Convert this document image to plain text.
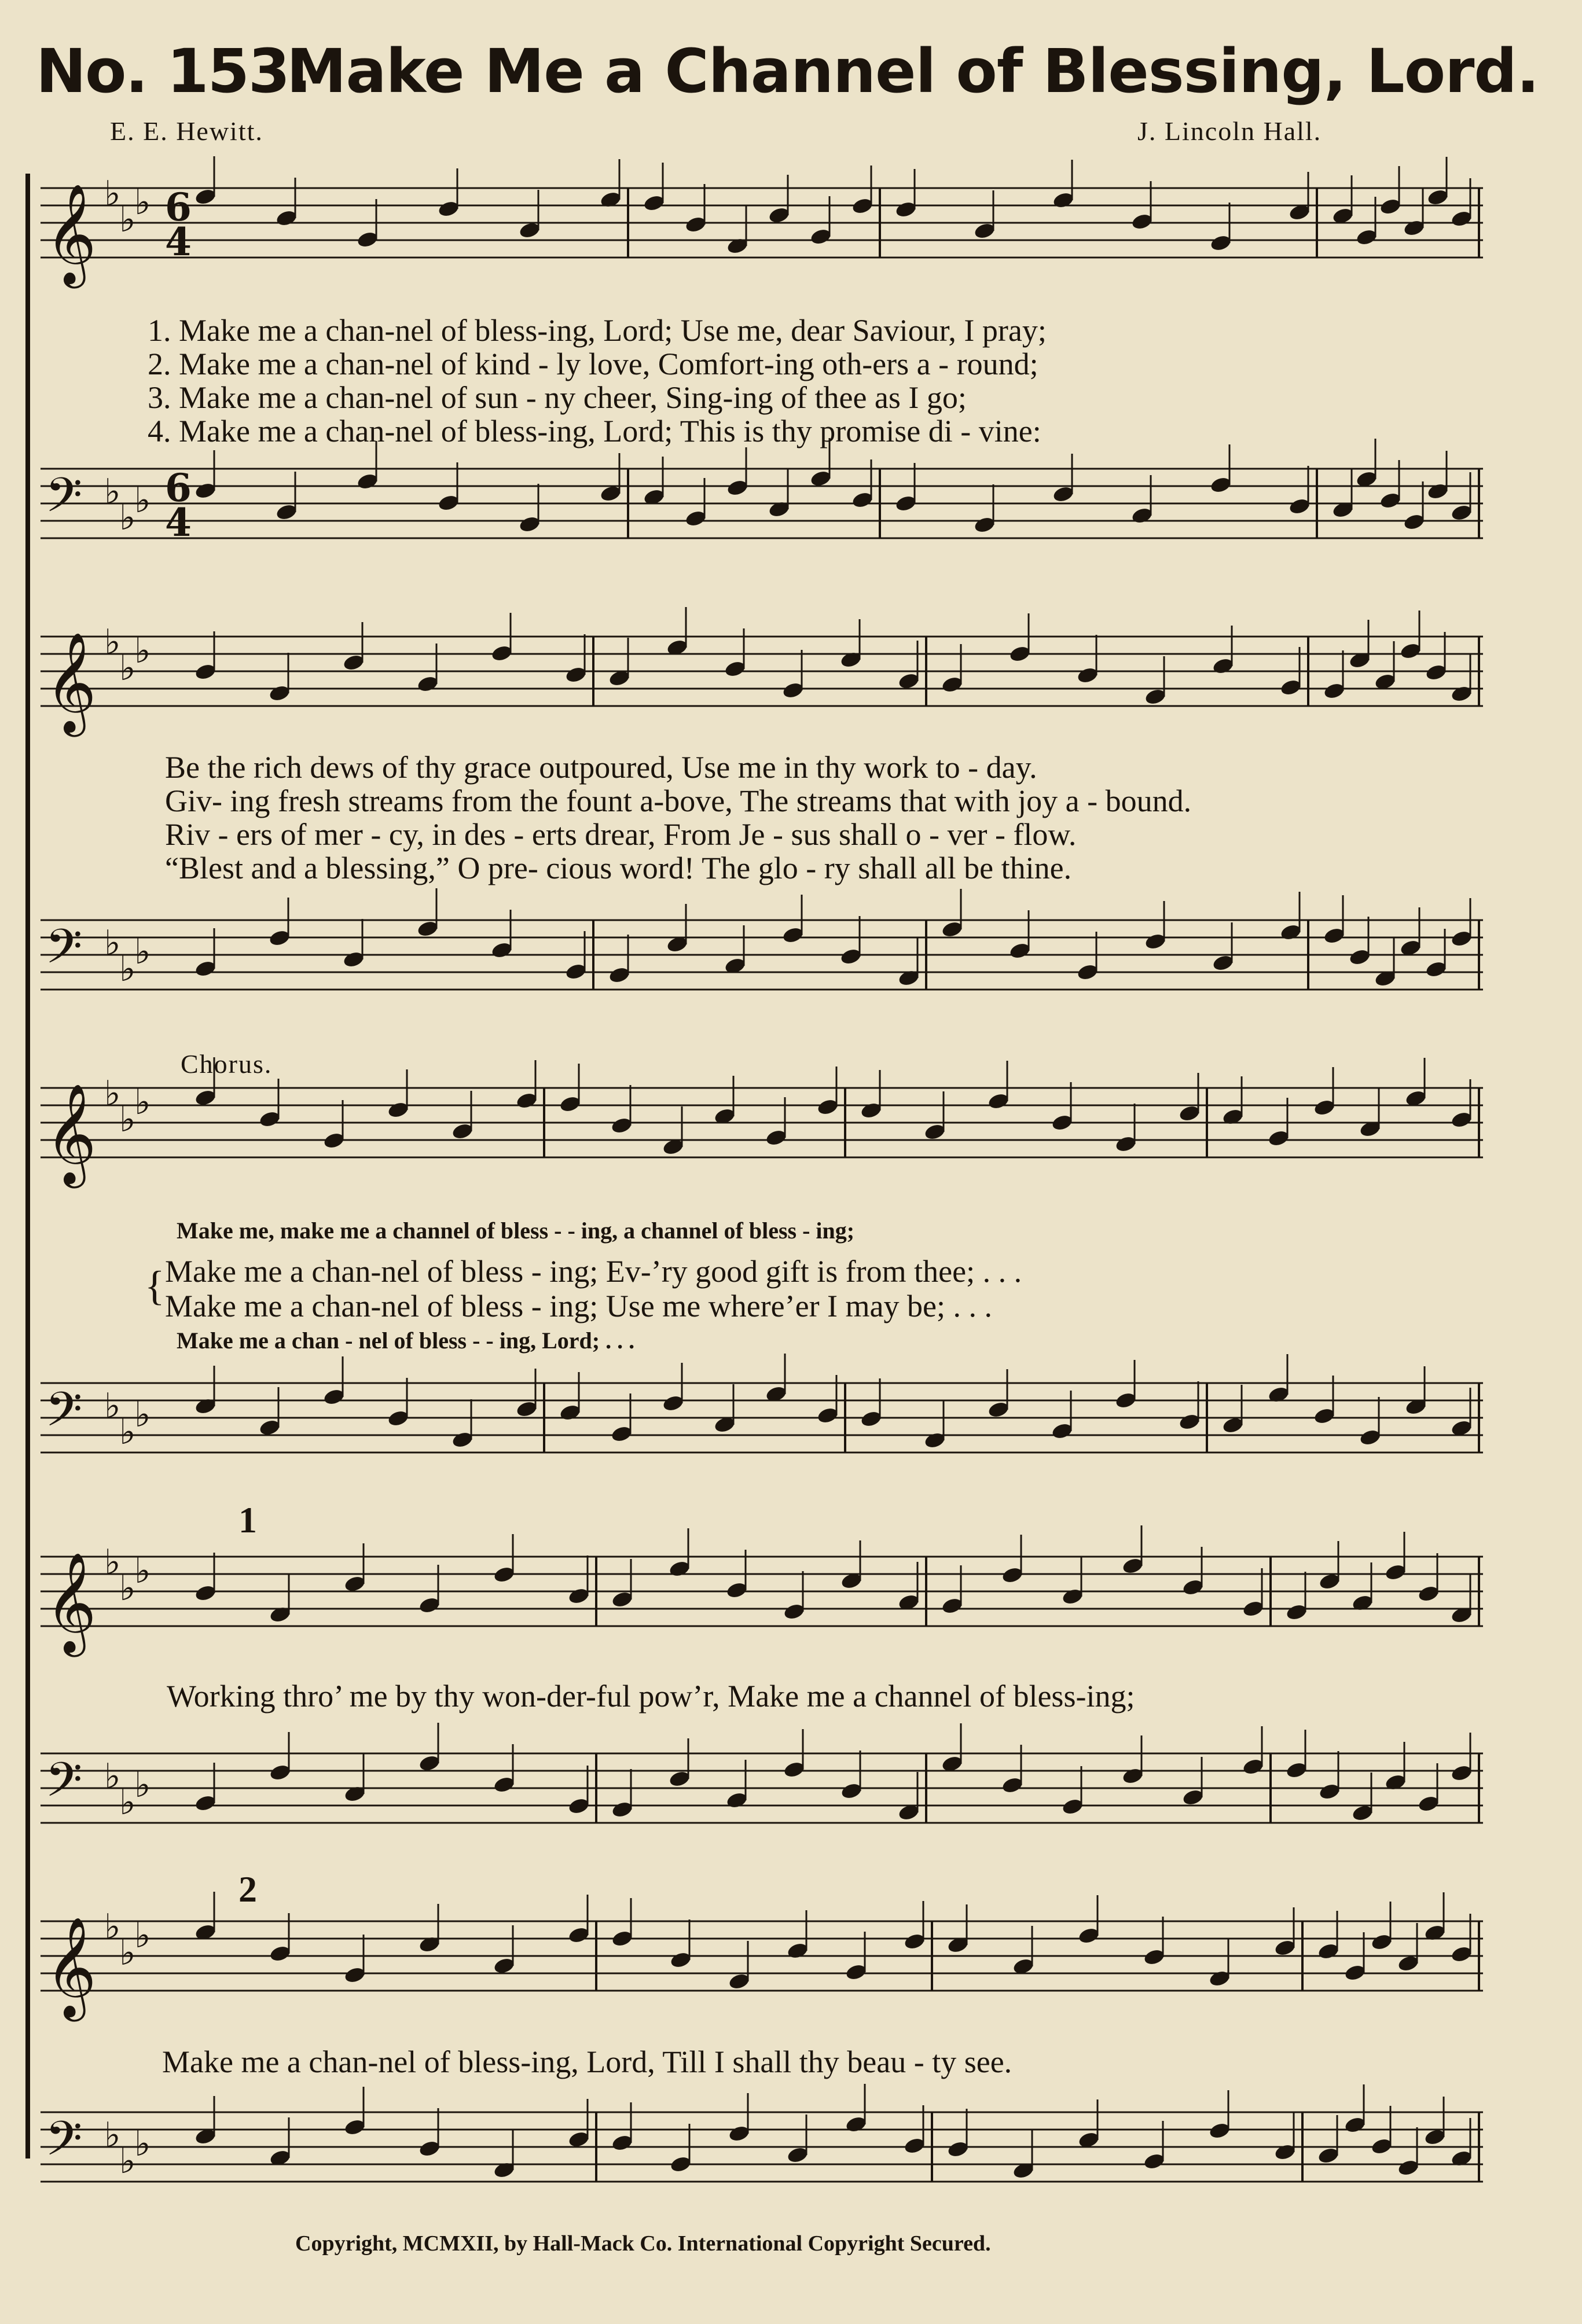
No. 153.
Make Me a Channel of Blessing, Lord.
E. E. Hewitt.	J. Lincoln Hall.
𝄞 ♭
♭
♭ 6
4
𝄢 ♭
♭
♭ 6
4
𝄞 ♭
♭
♭
𝄢 ♭
♭
♭
𝄞 ♭
♭
♭
𝄢 ♭
♭
♭
𝄞 ♭
♭
♭
𝄢 ♭
♭
♭
𝄞 ♭
♭
♭
𝄢 ♭
♭
♭
1. Make me a chan-nel of bless-ing, Lord; Use me, dear Saviour, I pray;
2. Make me a chan-nel of kind - ly love, Comfort-ing oth-ers a - round;
3. Make me a chan-nel of sun - ny cheer, Sing-ing of thee as I go;
4. Make me a chan-nel of bless-ing, Lord; This is thy promise di - vine:
Be the rich dews of thy grace outpoured, Use me in thy work to - day.
Giv- ing fresh streams from the fount a-bove, The streams that with joy a - bound.
Riv - ers of mer - cy, in des - erts drear, From Je - sus shall o - ver - flow.
“Blest and a blessing,” O pre- cious word! The glo - ry shall all be thine.
Chorus.
Make me, make me a channel of bless - - ing, a channel of bless - ing;
{ Make me a chan-nel of bless - ing; Ev-’ry good gift is from thee; . . .
Make me a chan-nel of bless - ing; Use me where’er I may be; . . .
Make me a chan - nel of bless - - ing, Lord; . . .
1
Working thro’ me by thy won-der-ful pow’r, Make me a channel of bless-ing;
2
Make me a chan-nel of bless-ing, Lord, Till I shall thy beau - ty see.
Copyright, MCMXII, by Hall-Mack Co. International Copyright Secured.
